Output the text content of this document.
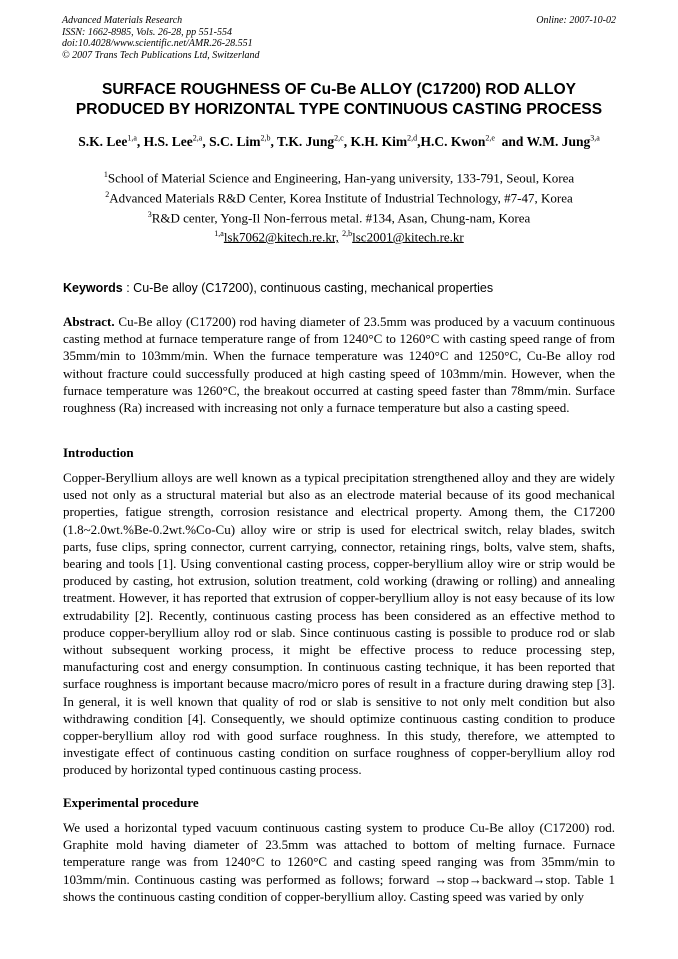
Advanced Materials Research
ISSN: 1662-8985, Vols. 26-28, pp 551-554
doi:10.4028/www.scientific.net/AMR.26-28.551
© 2007 Trans Tech Publications Ltd, Switzerland
Online: 2007-10-02
SURFACE ROUGHNESS OF Cu-Be ALLOY (C17200) ROD ALLOY
PRODUCED BY HORIZONTAL TYPE CONTINUOUS CASTING PROCESS
S.K. Lee$^{1,a}$, H.S. Lee$^{2,a}$, S.C. Lim$^{2,b}$, T.K. Jung$^{2,c}$, K.H. Kim$^{2,d}$,H.C. Kwon$^{2,e}$  and W.M. Jung$^{3,a}$
$^1$School of Material Science and Engineering, Han-yang university, 133-791, Seoul, Korea
$^2$Advanced Materials R&D Center, Korea Institute of Industrial Technology, #7-47, Korea
$^3$R&D center, Yong-Il Non-ferrous metal. #134, Asan, Chung-nam, Korea
$^{1,a}$lsk7062@kitech.re.kr, $^{2,b}$lsc2001@kitech.re.kr
Keywords : Cu-Be alloy (C17200), continuous casting, mechanical properties
Abstract. Cu-Be alloy (C17200) rod having diameter of 23.5mm was produced by a vacuum continuous casting method at furnace temperature range of from 1240°C to 1260°C with casting speed range of from 35mm/min to 103mm/min. When the furnace temperature was 1240°C and 1250°C, Cu-Be alloy rod without fracture could successfully produced at high casting speed of 103mm/min. However, when the furnace temperature was 1260°C, the breakout occurred at casting speed faster than 78mm/min. Surface roughness (Ra) increased with increasing not only a furnace temperature but also a casting speed.
Introduction
Copper-Beryllium alloys are well known as a typical precipitation strengthened alloy and they are widely used not only as a structural material but also as an electrode material because of its good mechanical properties, fatigue strength, corrosion resistance and electrical property. Among them, the C17200 (1.8~2.0wt.%Be-0.2wt.%Co-Cu) alloy wire or strip is used for electrical switch, relay blades, switch parts, fuse clips, spring connector, current carrying, connector, retaining rings, bolts, valve stem, shafts, bearing and tools [1]. Using conventional casting process, copper-beryllium alloy wire or strip would be produced by casting, hot extrusion, solution treatment, cold working (drawing or rolling) and annealing treatment. However, it has reported that extrusion of copper-beryllium alloy is not easy because of its low extrudability [2]. Recently, continuous casting process has been considered as an effective method to produce copper-beryllium alloy rod or slab. Since continuous casting is possible to produce rod or slab without subsequent working process, it might be effective process to reduce processing step, manufacturing cost and energy consumption. In continuous casting technique, it has been reported that surface roughness is important because macro/micro pores of result in a fracture during drawing step [3]. In general, it is well known that quality of rod or slab is sensitive to not only melt condition but also withdrawing condition [4]. Consequently, we should optimize continuous casting condition to produce copper-beryllium alloy rod with good surface roughness. In this study, therefore, we attempted to investigate effect of continuous casting condition on surface roughness of copper-beryllium alloy rod produced by horizontal typed continuous casting process.
Experimental procedure
We used a horizontal typed vacuum continuous casting system to produce Cu-Be alloy (C17200) rod. Graphite mold having diameter of 23.5mm was attached to bottom of melting furnace. Furnace temperature range was from 1240°C to 1260°C and casting speed ranging was from 35mm/min to 103mm/min. Continuous casting was performed as follows; forward →stop→backward→stop. Table 1 shows the continuous casting condition of copper-beryllium alloy. Casting speed was varied by only
